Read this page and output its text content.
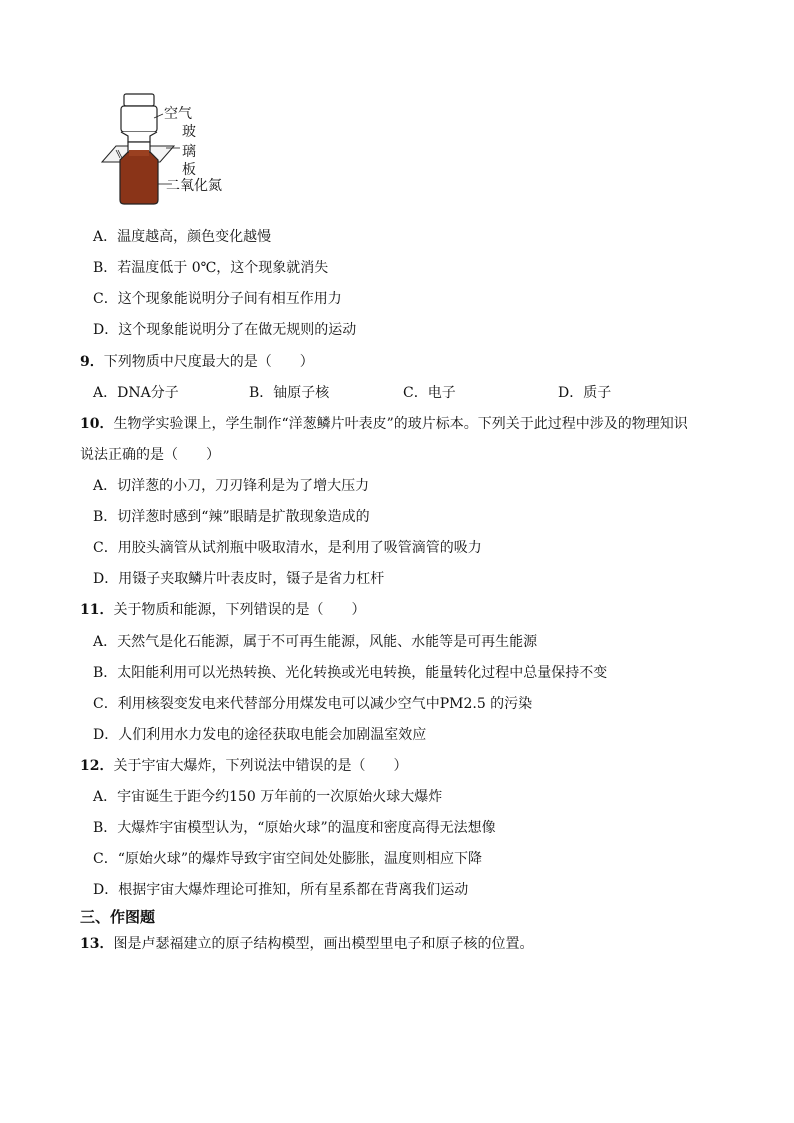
空气
玻
璃
板
二氧化氮
A．温度越高，颜色变化越慢
B．若温度低于 0℃，这个现象就消失
C．这个现象能说明分子间有相互作用力
D．这个现象能说明分了在做无规则的运动
9．下列物质中尺度最大的是（　　）
A．DNA分子	B．铀原子核	C．电子	D．质子
10．生物学实验课上，学生制作“洋葱鳞片叶表皮”的玻片标本。下列关于此过程中涉及的物理知识
说法正确的是（　　）
A．切洋葱的小刀，刀刃锋利是为了增大压力
B．切洋葱时感到“辣”眼睛是扩散现象造成的
C．用胶头滴管从试剂瓶中吸取清水，是利用了吸管滴管的吸力
D．用镊子夹取鳞片叶表皮时，镊子是省力杠杆
11．关于物质和能源，下列错误的是（　　）
A．天然气是化石能源，属于不可再生能源，风能、水能等是可再生能源
B．太阳能利用可以光热转换、光化转换或光电转换，能量转化过程中总量保持不变
C．利用核裂变发电来代替部分用煤发电可以减少空气中PM2.5 的污染
D．人们利用水力发电的途径获取电能会加剧温室效应
12．关于宇宙大爆炸，下列说法中错误的是（　　）
A．宇宙诞生于距今约150 万年前的一次原始火球大爆炸
B．大爆炸宇宙模型认为，“原始火球”的温度和密度高得无法想像
C．“原始火球”的爆炸导致宇宙空间处处膨胀，温度则相应下降
D．根据宇宙大爆炸理论可推知，所有星系都在背离我们运动
三、作图题
13．图是卢瑟福建立的原子结构模型，画出模型里电子和原子核的位置。
